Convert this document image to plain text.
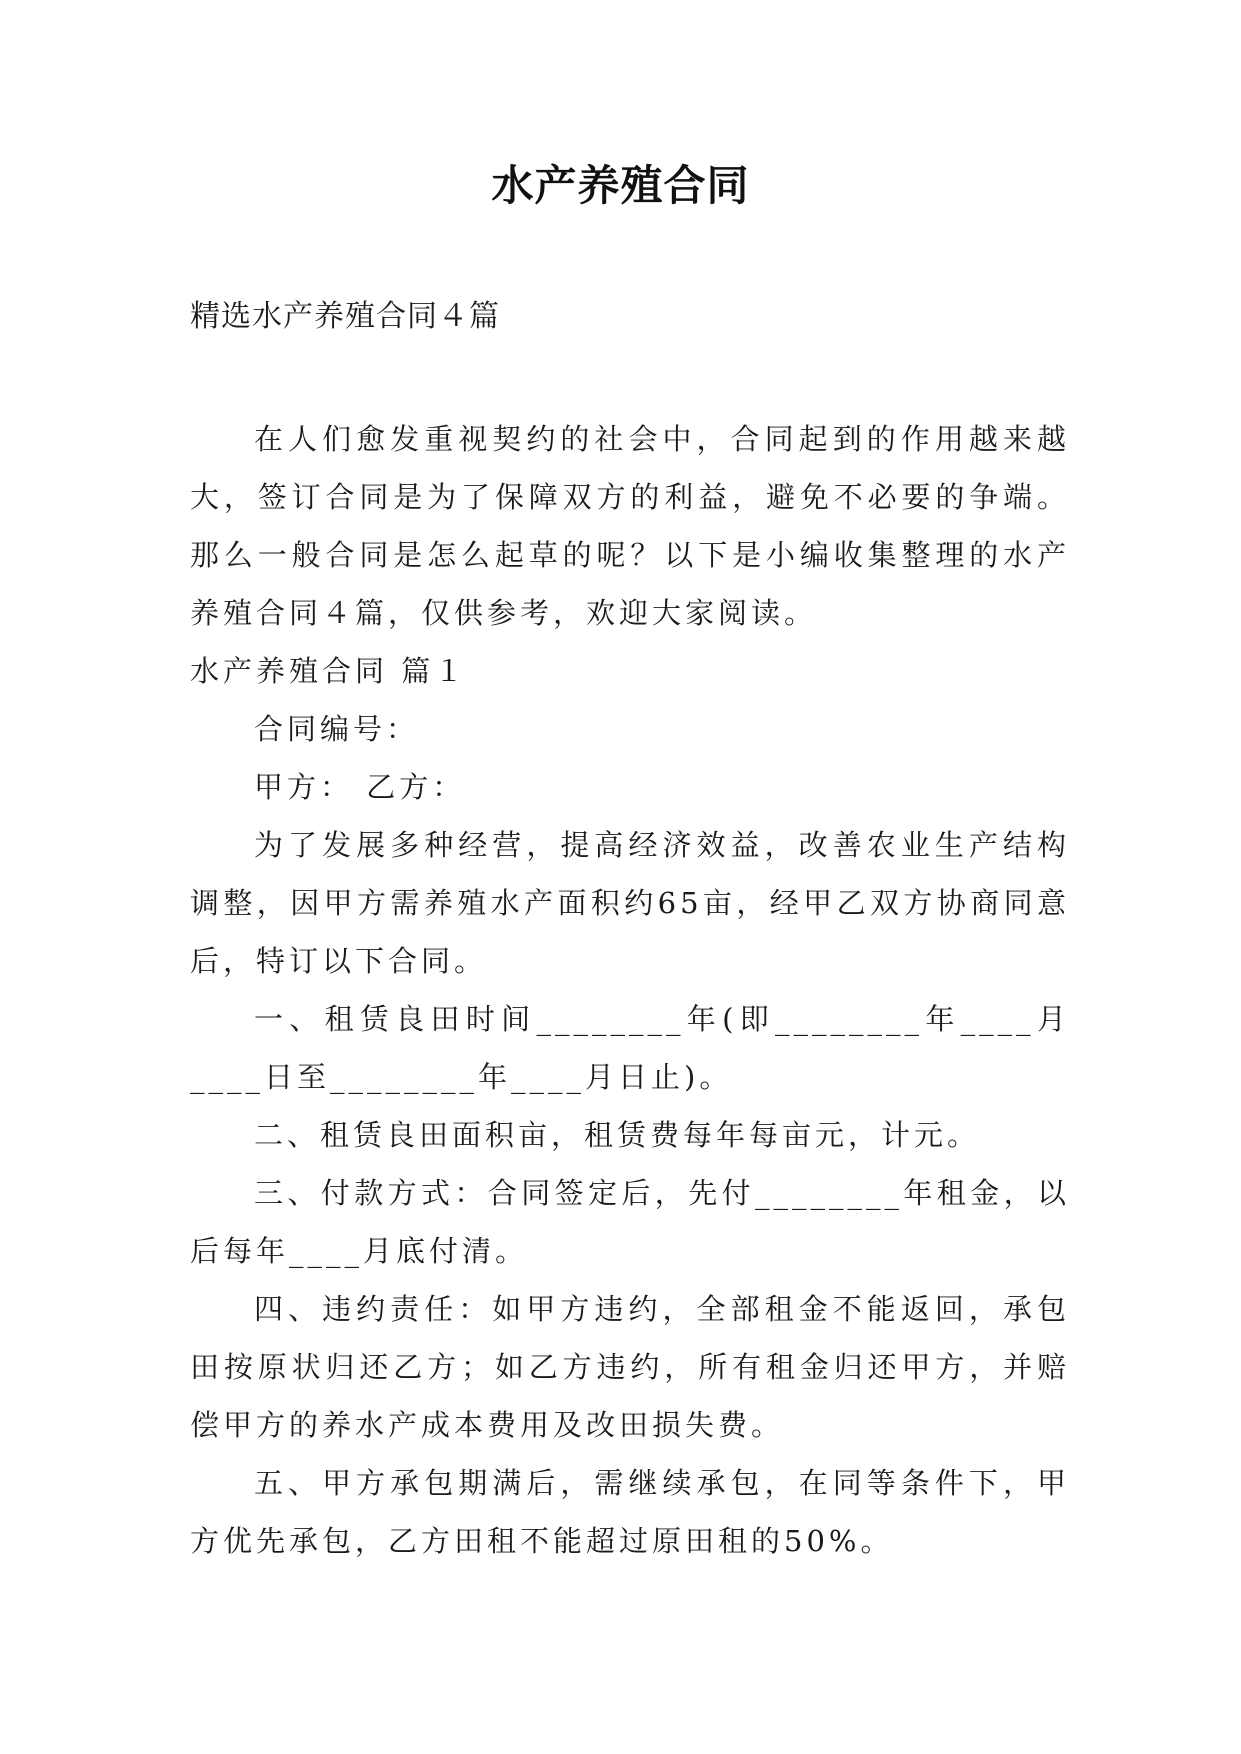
水产养殖合同
精选水产养殖合同４篇

在人们愈发重视契约的社会中，合同起到的作用越来越大，签订合同是为了保障双方的利益，避免不必要的争端。那么一般合同是怎么起草的呢？以下是小编收集整理的水产养殖合同４篇，仅供参考，欢迎大家阅读。

水产养殖合同 篇１

合同编号：

甲方： 乙方：

为了发展多种经营，提高经济效益，改善农业生产结构调整，因甲方需养殖水产面积约65亩，经甲乙双方协商同意后，特订以下合同。

一、租赁良田时间________年(即________年____月____日至________年____月日止)。

二、租赁良田面积亩，租赁费每年每亩元，计元。

三、付款方式：合同签定后，先付________年租金，以后每年____月底付清。

四、违约责任：如甲方违约，全部租金不能返回，承包田按原状归还乙方；如乙方违约，所有租金归还甲方，并赔偿甲方的养水产成本费用及改田损失费。

五、甲方承包期满后，需继续承包，在同等条件下，甲方优先承包，乙方田租不能超过原田租的50%。
